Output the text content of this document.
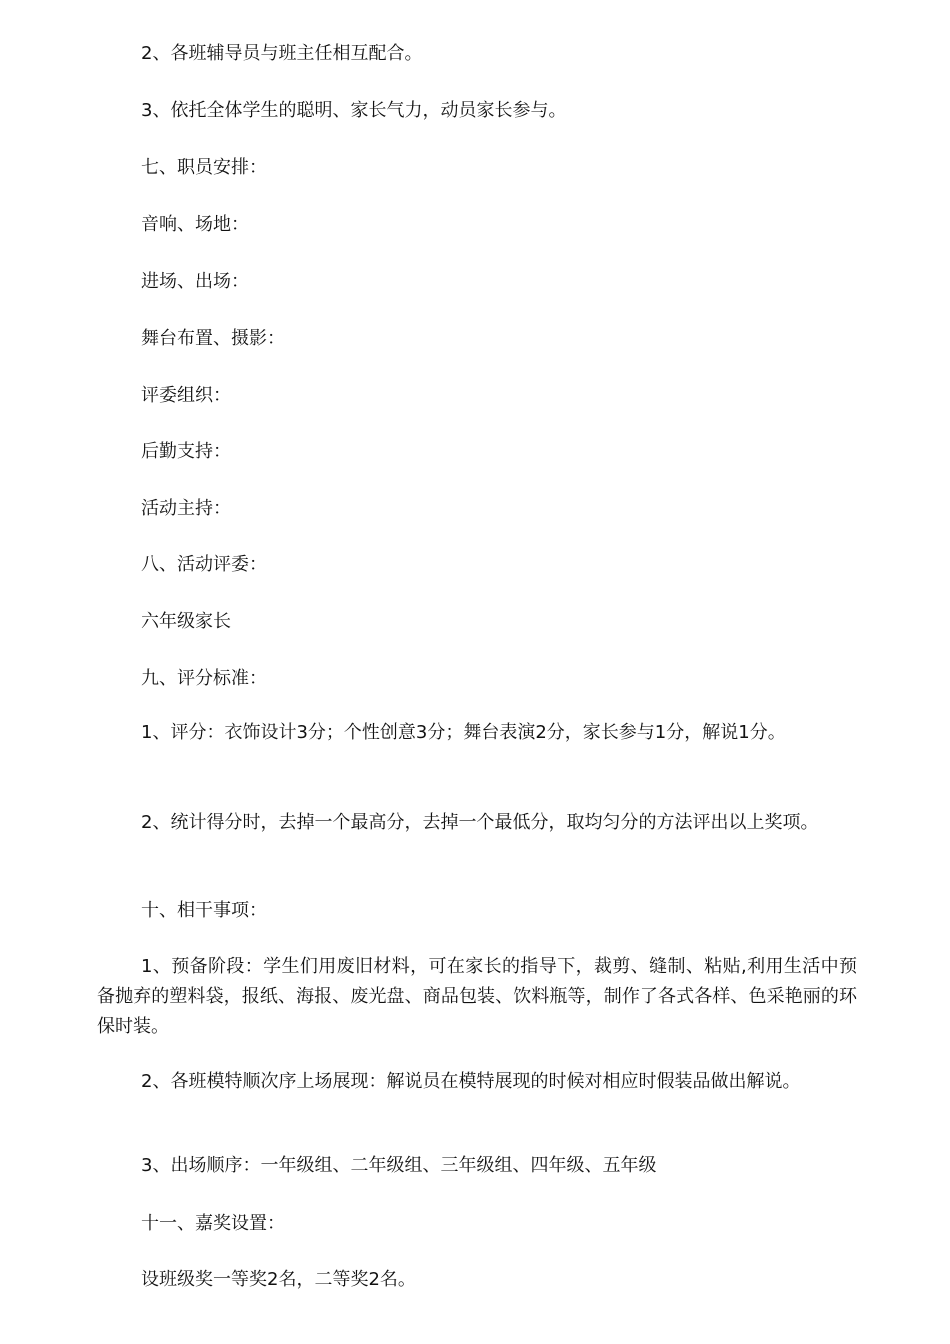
2、各班辅导员与班主任相互配合。

3、依托全体学生的聪明、家长气力，动员家长参与。

七、职员安排：

音响、场地：

进场、出场：

舞台布置、摄影：

评委组织：

后勤支持：

活动主持：

八、活动评委：

六年级家长

九、评分标准：

1、评分：衣饰设计3分；个性创意3分；舞台表演2分，家长参与1分，解说1分。

2、统计得分时，去掉一个最高分，去掉一个最低分，取均匀分的方法评出以上奖项。

十、相干事项：

1、预备阶段：学生们用废旧材料，可在家长的指导下，裁剪、缝制、粘贴,利用生活中预备抛弃的塑料袋，报纸、海报、废光盘、商品包装、饮料瓶等，制作了各式各样、色采艳丽的环保时装。

2、各班模特顺次序上场展现：解说员在模特展现的时候对相应时假装品做出解说。

3、出场顺序：一年级组、二年级组、三年级组、四年级、五年级

十一、嘉奖设置：

设班级奖一等奖2名，二等奖2名。
